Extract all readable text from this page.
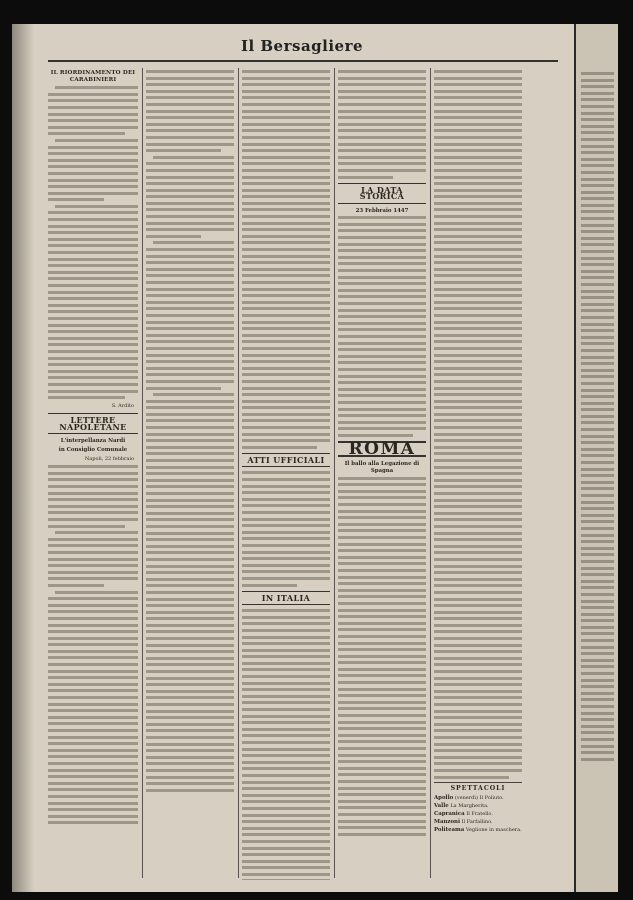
Il Bersagliere
IL RIORDINAMENTO DEI CARABINIERI
S. Ardito
LETTERE NAPOLETANE
L'interpellanza Nardi
in Consiglio Comunale
Napoli, 22 febbraio	ATTI UFFICIALI
IN ITALIA
LA DATA STORICA
23 Febbraio 1447
ROMA
Il ballo alla Legazione di Spagna
SPETTACOLI
Apollo (venerdì) Il Poliuto.
Valle La Margherita.
Capranica Il Fratello.
Manzoni Il Farfallino.
Politeama Veglione in maschera.
